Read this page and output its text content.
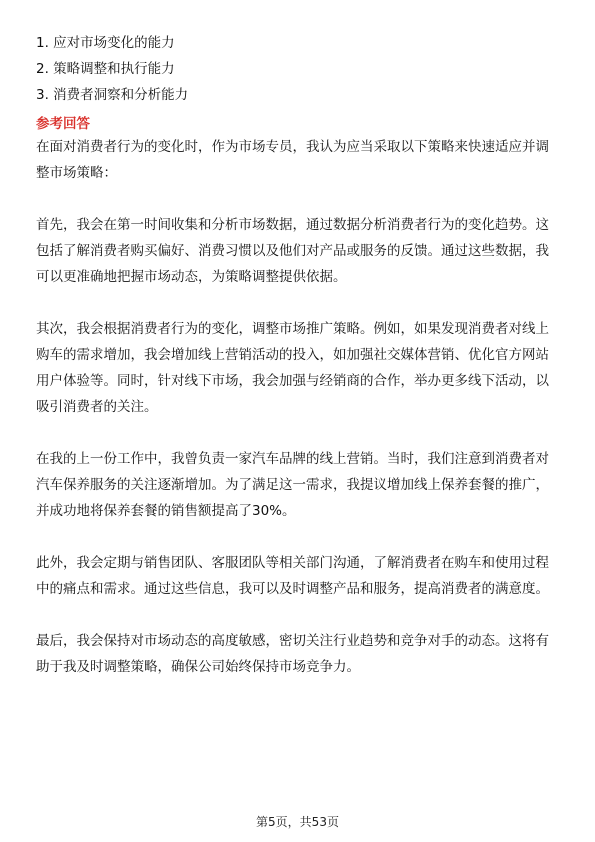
1. 应对市场变化的能力
2. 策略调整和执行能力
3. 消费者洞察和分析能力
参考回答

在面对消费者行为的变化时，作为市场专员，我认为应当采取以下策略来快速适应并调整市场策略：

首先，我会在第一时间收集和分析市场数据，通过数据分析消费者行为的变化趋势。这包括了解消费者购买偏好、消费习惯以及他们对产品或服务的反馈。通过这些数据，我可以更准确地把握市场动态，为策略调整提供依据。

其次，我会根据消费者行为的变化，调整市场推广策略。例如，如果发现消费者对线上购车的需求增加，我会增加线上营销活动的投入，如加强社交媒体营销、优化官方网站用户体验等。同时，针对线下市场，我会加强与经销商的合作，举办更多线下活动，以吸引消费者的关注。

在我的上一份工作中，我曾负责一家汽车品牌的线上营销。当时，我们注意到消费者对汽车保养服务的关注逐渐增加。为了满足这一需求，我提议增加线上保养套餐的推广，并成功地将保养套餐的销售额提高了30%。

此外，我会定期与销售团队、客服团队等相关部门沟通，了解消费者在购车和使用过程中的痛点和需求。通过这些信息，我可以及时调整产品和服务，提高消费者的满意度。

最后，我会保持对市场动态的高度敏感，密切关注行业趋势和竞争对手的动态。这将有助于我及时调整策略，确保公司始终保持市场竞争力。

第5页，共53页
